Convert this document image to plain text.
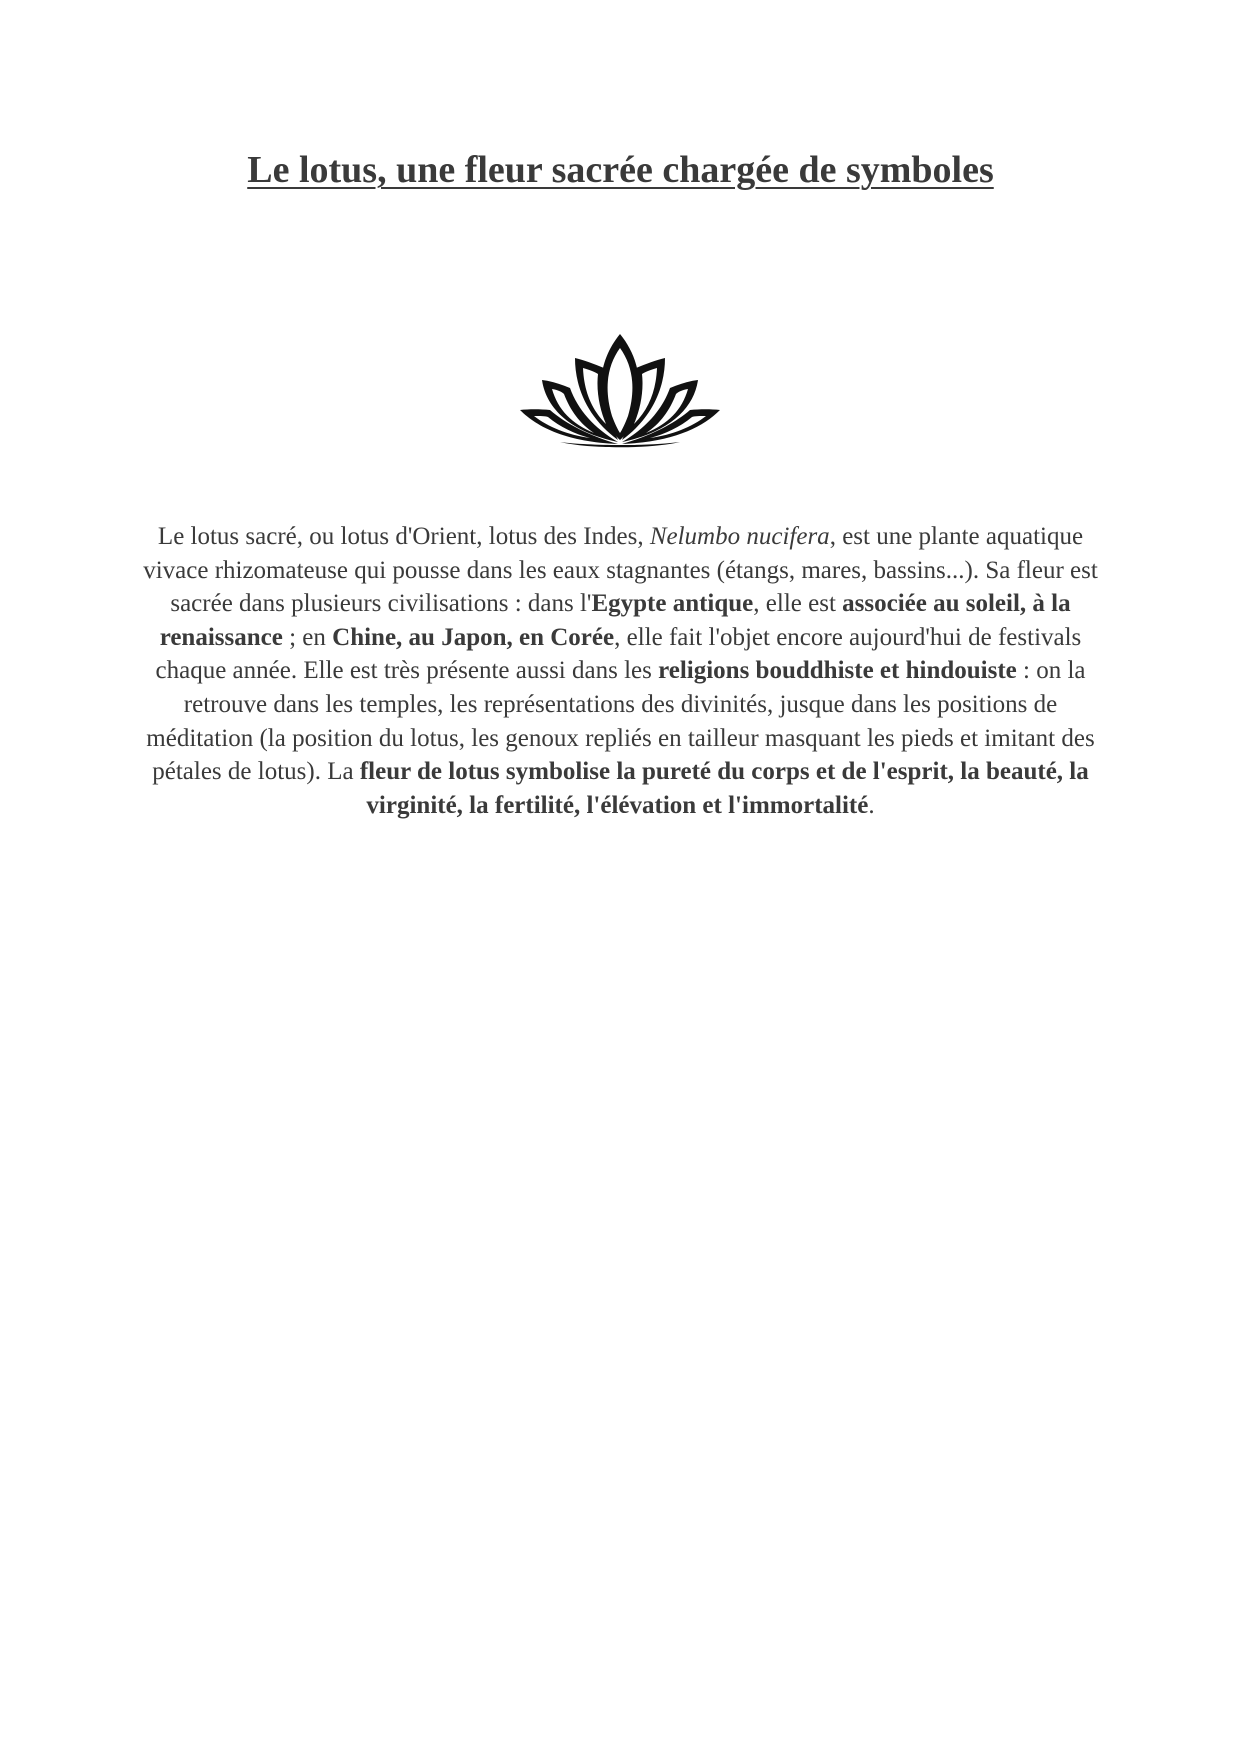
Le lotus, une fleur sacrée chargée de symboles

Le lotus sacré, ou lotus d'Orient, lotus des Indes, Nelumbo nucifera, est une plante aquatique vivace rhizomateuse qui pousse dans les eaux stagnantes (étangs, mares, bassins...). Sa fleur est sacrée dans plusieurs civilisations : dans l'Egypte antique, elle est associée au soleil, à la renaissance ; en Chine, au Japon, en Corée, elle fait l'objet encore aujourd'hui de festivals chaque année. Elle est très présente aussi dans les religions bouddhiste et hindouiste : on la retrouve dans les temples, les représentations des divinités, jusque dans les positions de méditation (la position du lotus, les genoux repliés en tailleur masquant les pieds et imitant des pétales de lotus). La fleur de lotus symbolise la pureté du corps et de l'esprit, la beauté, la virginité, la fertilité, l'élévation et l'immortalité.
